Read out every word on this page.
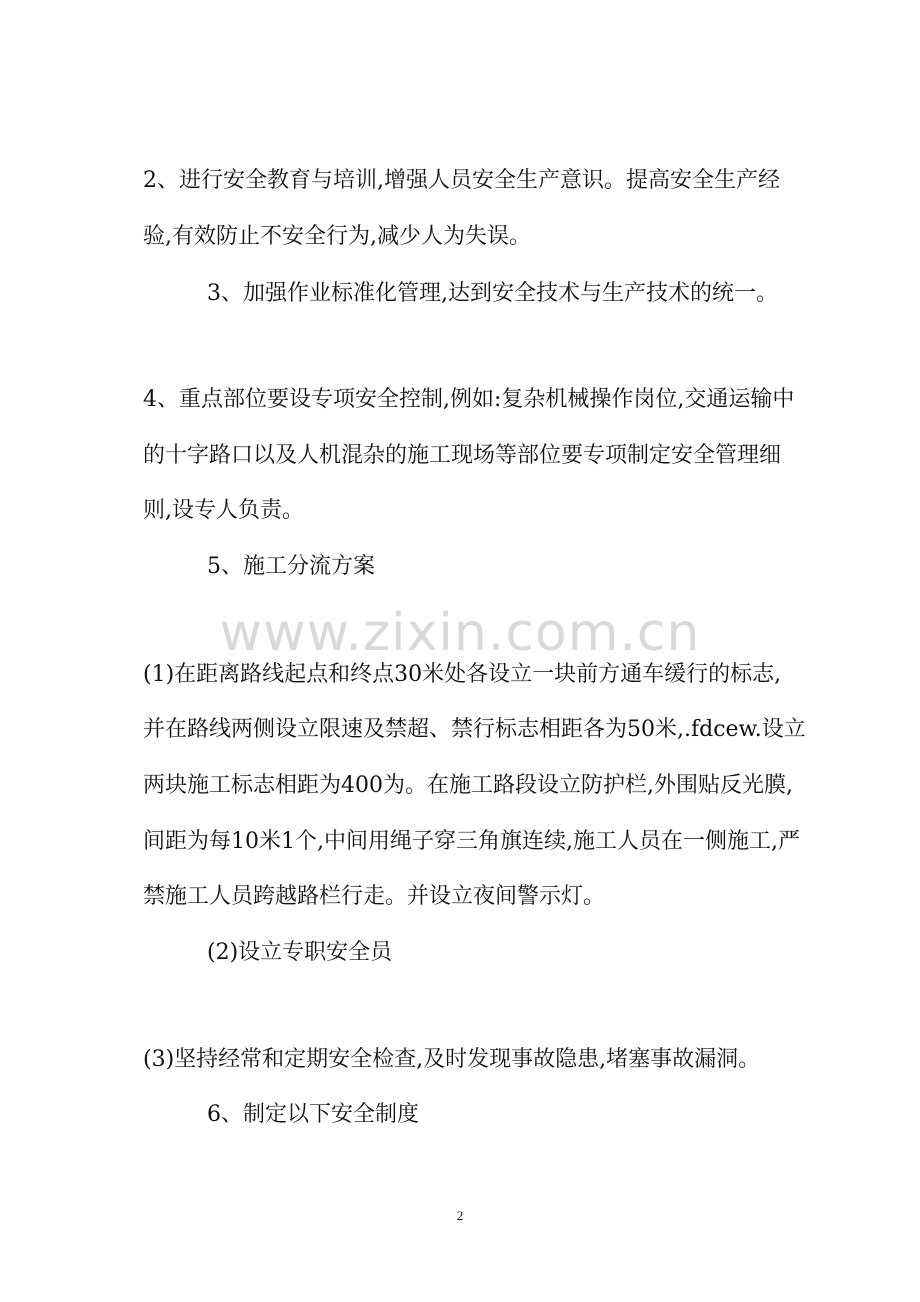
2、进行安全教育与培训,增强人员安全生产意识。提高安全生产经
验,有效防止不安全行为,减少人为失误。
3、加强作业标准化管理,达到安全技术与生产技术的统一。
4、重点部位要设专项安全控制,例如:复杂机械操作岗位,交通运输中
的十字路口以及人机混杂的施工现场等部位要专项制定安全管理细
则,设专人负责。
5、施工分流方案
www.zixin.com.cn
(1)在距离路线起点和终点30米处各设立一块前方通车缓行的标志,
并在路线两侧设立限速及禁超、禁行标志相距各为50米,.fdcew.设立
两块施工标志相距为400为。在施工路段设立防护栏,外围贴反光膜,
间距为每10米1个,中间用绳子穿三角旗连续,施工人员在一侧施工,严
禁施工人员跨越路栏行走。并设立夜间警示灯。
(2)设立专职安全员
(3)坚持经常和定期安全检查,及时发现事故隐患,堵塞事故漏洞。
6、制定以下安全制度
2
